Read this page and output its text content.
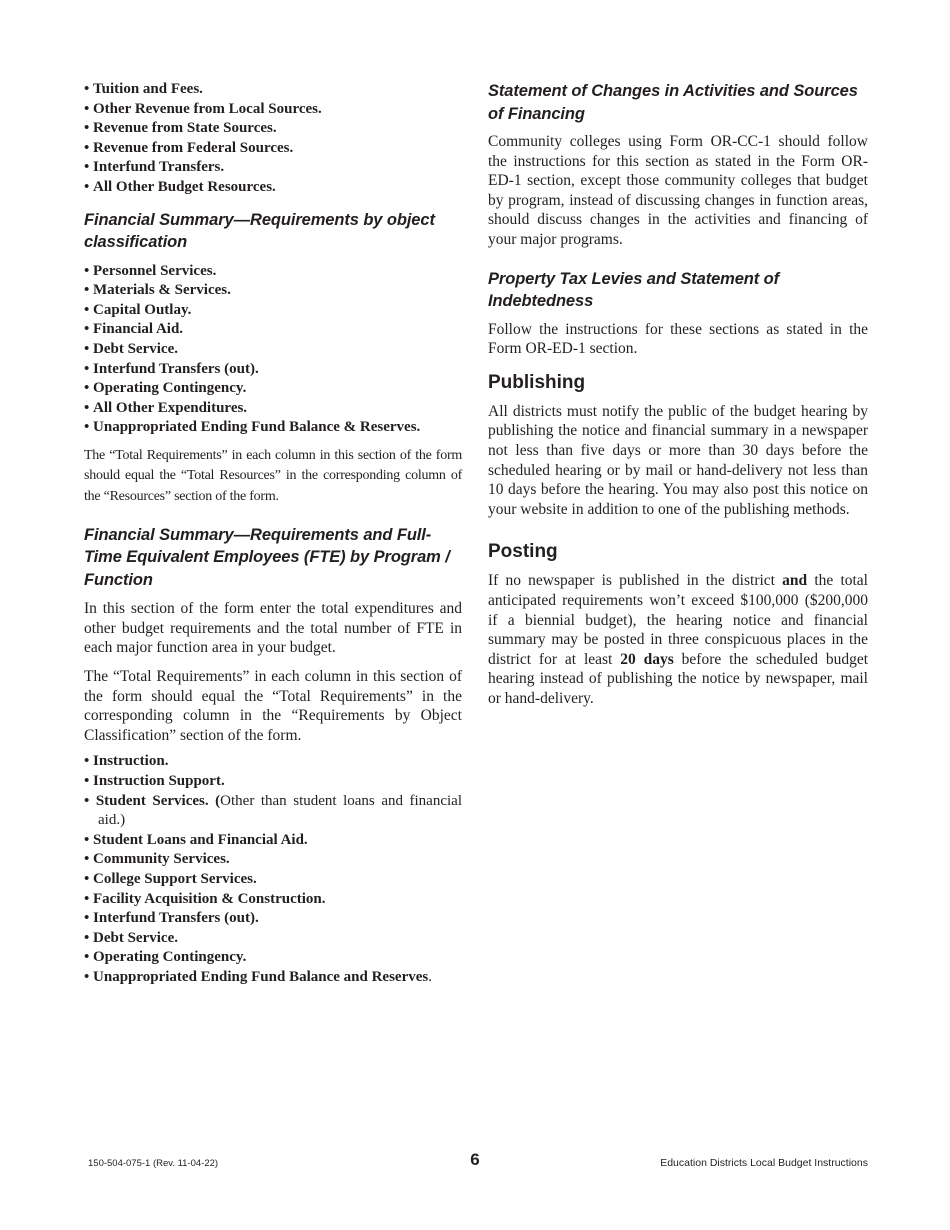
• Tuition and Fees.
• Other Revenue from Local Sources.
• Revenue from State Sources.
• Revenue from Federal Sources.
• Interfund Transfers.
• All Other Budget Resources.
Financial Summary—Requirements by object classification
• Personnel Services.
• Materials & Services.
• Capital Outlay.
• Financial Aid.
• Debt Service.
• Interfund Transfers (out).
• Operating Contingency.
• All Other Expenditures.
• Unappropriated Ending Fund Balance & Reserves.

The “Total Requirements” in each column in this section of the form should equal the “Total Resources” in the corresponding column of the “Resources” section of the form.

Financial Summary—Requirements and Full-Time Equivalent Employees (FTE) by Program / Function

In this section of the form enter the total expenditures and other budget requirements and the total number of FTE in each major function area in your budget.

The “Total Requirements” in each column in this section of the form should equal the “Total Requirements” in the corresponding column in the “Requirements by Object Classification” section of the form.

• Instruction.
• Instruction Support.
• Student Services. (Other than student loans and financial aid.)
• Student Loans and Financial Aid.
• Community Services.
• College Support Services.
• Facility Acquisition & Construction.
• Interfund Transfers (out).
• Debt Service.
• Operating Contingency.
• Unappropriated Ending Fund Balance and Reserves.
Statement of Changes in Activities and Sources of Financing

Community colleges using Form OR-CC-1 should follow the instructions for this section as stated in the Form OR-ED-1 section, except those community colleges that budget by program, instead of discussing changes in function areas, should discuss changes in the activities and financing of your major programs.

Property Tax Levies and Statement of Indebtedness

Follow the instructions for these sections as stated in the Form OR-ED-1 section.

Publishing

All districts must notify the public of the budget hearing by publishing the notice and financial summary in a newspaper not less than five days or more than 30 days before the scheduled hearing or by mail or hand-delivery not less than 10 days before the hearing. You may also post this notice on your website in addition to one of the publishing methods.

Posting

If no newspaper is published in the district and the total anticipated requirements won’t exceed $100,000 ($200,000 if a biennial budget), the hearing notice and financial summary may be posted in three conspicuous places in the district for at least 20 days before the scheduled budget hearing instead of publishing the notice by newspaper, mail or hand-delivery.

150-504-075-1 (Rev. 11-04-22)	6	Education Districts Local Budget Instructions
